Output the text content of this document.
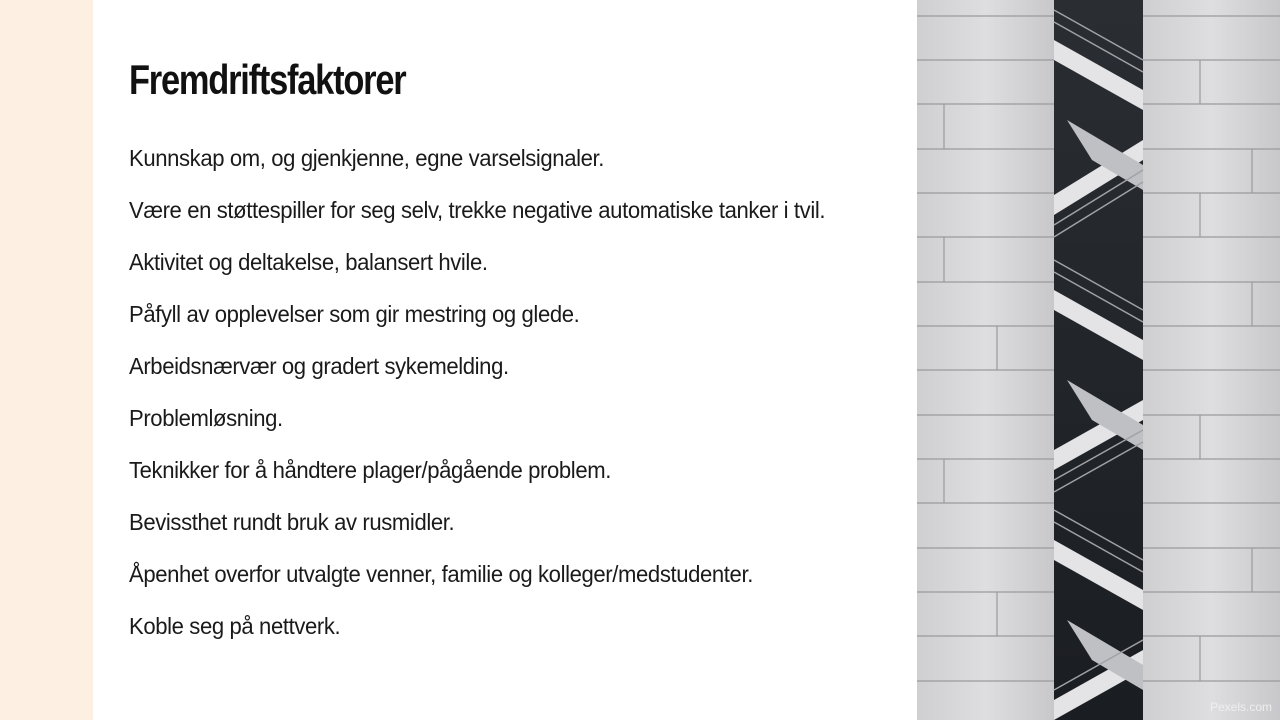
Fremdriftsfaktorer
Kunnskap om, og gjenkjenne, egne varselsignaler.
Være en støttespiller for seg selv, trekke negative automatiske tanker i tvil.
Aktivitet og deltakelse, balansert hvile.
Påfyll av opplevelser som gir mestring og glede.
Arbeidsnærvær og gradert sykemelding.
Problemløsning.
Teknikker for å håndtere plager/pågående problem.
Bevissthet rundt bruk av rusmidler.
Åpenhet overfor utvalgte venner, familie og kolleger/medstudenter.
Koble seg på nettverk.
Pexels.com
